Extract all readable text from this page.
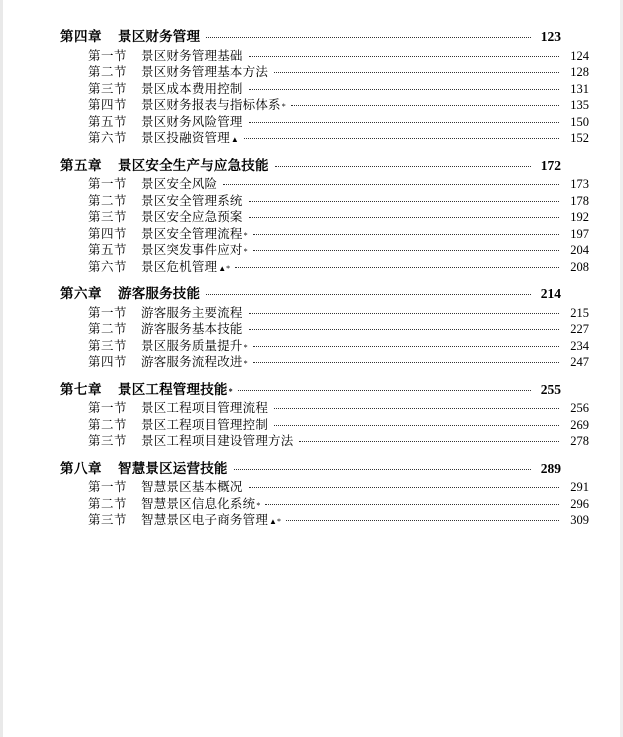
第四章 景区财务管理	123
第一节 景区财务管理基础	124
第二节 景区财务管理基本方法	128
第三节 景区成本费用控制	131
第四节 景区财务报表与指标体系 *	135
第五节 景区财务风险管理	150
第六节 景区投融资管理 ▲	152
第五章 景区安全生产与应急技能	172
第一节 景区安全风险	173
第二节 景区安全管理系统	178
第三节 景区安全应急预案	192
第四节 景区安全管理流程 *	197
第五节 景区突发事件应对 *	204
第六节 景区危机管理 ▲*	208
第六章 游客服务技能	214
第一节 游客服务主要流程	215
第二节 游客服务基本技能	227
第三节 景区服务质量提升 *	234
第四节 游客服务流程改进 *	247
第七章 景区工程管理技能 *	255
第一节 景区工程项目管理流程	256
第二节 景区工程项目管理控制	269
第三节 景区工程项目建设管理方法	278
第八章 智慧景区运营技能	289
第一节 智慧景区基本概况	291
第二节 智慧景区信息化系统 *	296
第三节 智慧景区电子商务管理 ▲*	309
